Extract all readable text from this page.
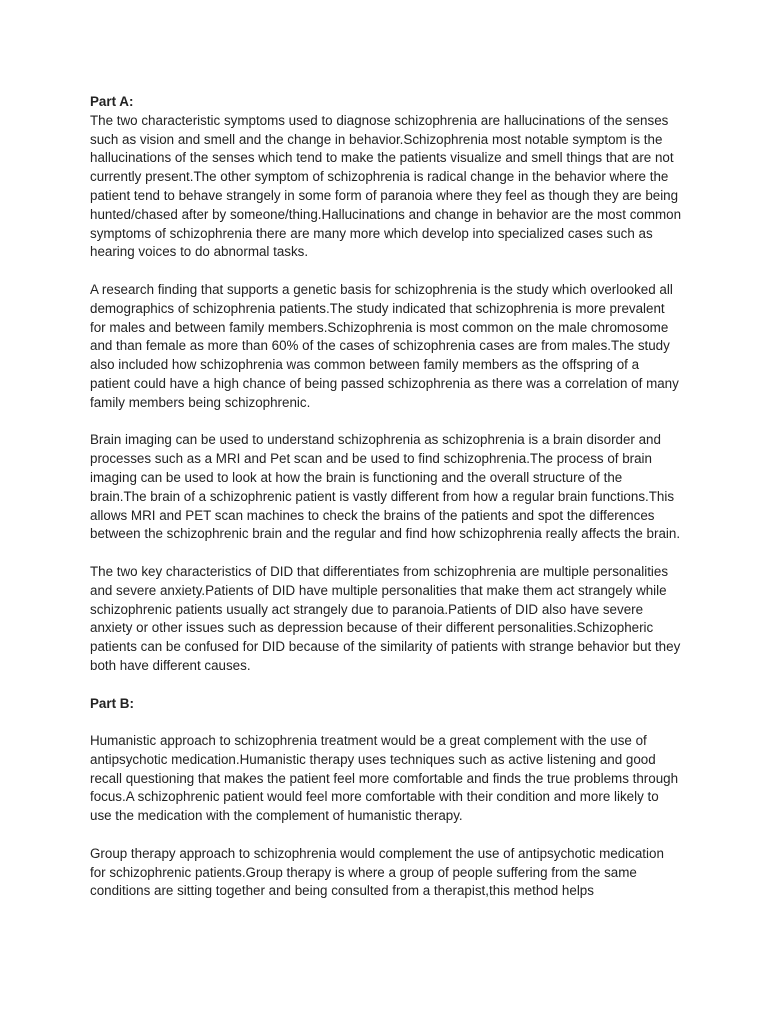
Part A:

The two characteristic symptoms used to diagnose schizophrenia are hallucinations of the senses such as vision and smell and the change in behavior.Schizophrenia most notable symptom is the hallucinations of the senses which tend to make the patients visualize and smell things that are not currently present.The other symptom of schizophrenia is radical change in the behavior where the patient tend to behave strangely in some form of paranoia where they feel as though they are being hunted/chased after by someone/thing.Hallucinations and change in behavior are the most common symptoms of schizophrenia there are many more which develop into specialized cases such as hearing voices to do abnormal tasks.

A research finding that supports a genetic basis for schizophrenia is the study which overlooked all demographics of schizophrenia patients.The study indicated that schizophrenia is more prevalent for males and between family members.Schizophrenia is most common on the male chromosome and than female as more than 60% of the cases of schizophrenia cases are from males.The study also included how schizophrenia was common between family members as the offspring of a patient could have a high chance of being passed schizophrenia as there was a correlation of many family members being schizophrenic.

Brain imaging can be used to understand schizophrenia as schizophrenia is a brain disorder and processes such as a MRI and Pet scan and be used to find schizophrenia.The process of brain imaging can be used to look at how the brain is functioning and the overall structure of the brain.The brain of a schizophrenic patient is vastly different from how a regular brain functions.This allows MRI and PET scan machines to check the brains of the patients and spot the differences between the schizophrenic brain and the regular and find how schizophrenia really affects the brain.

The two key characteristics of DID that differentiates from schizophrenia are multiple personalities and severe anxiety.Patients of DID have multiple personalities that make them act strangely while schizophrenic patients usually act strangely due to paranoia.Patients of DID also have severe anxiety or other issues such as depression because of their different personalities.Schizopheric patients can be confused for DID because of the similarity of patients with strange behavior but they both have different causes.

Part B:

Humanistic approach to schizophrenia treatment would be a great complement with the use of antipsychotic medication.Humanistic therapy uses techniques such as active listening and good recall questioning that makes the patient feel more comfortable and finds the true problems through focus.A schizophrenic patient would feel more comfortable with their condition and more likely to use the medication with the complement of humanistic therapy.

Group therapy approach to schizophrenia would complement the use of antipsychotic medication for schizophrenic patients.Group therapy is where a group of people suffering from the same conditions are sitting together and being consulted from a therapist,this method helps
